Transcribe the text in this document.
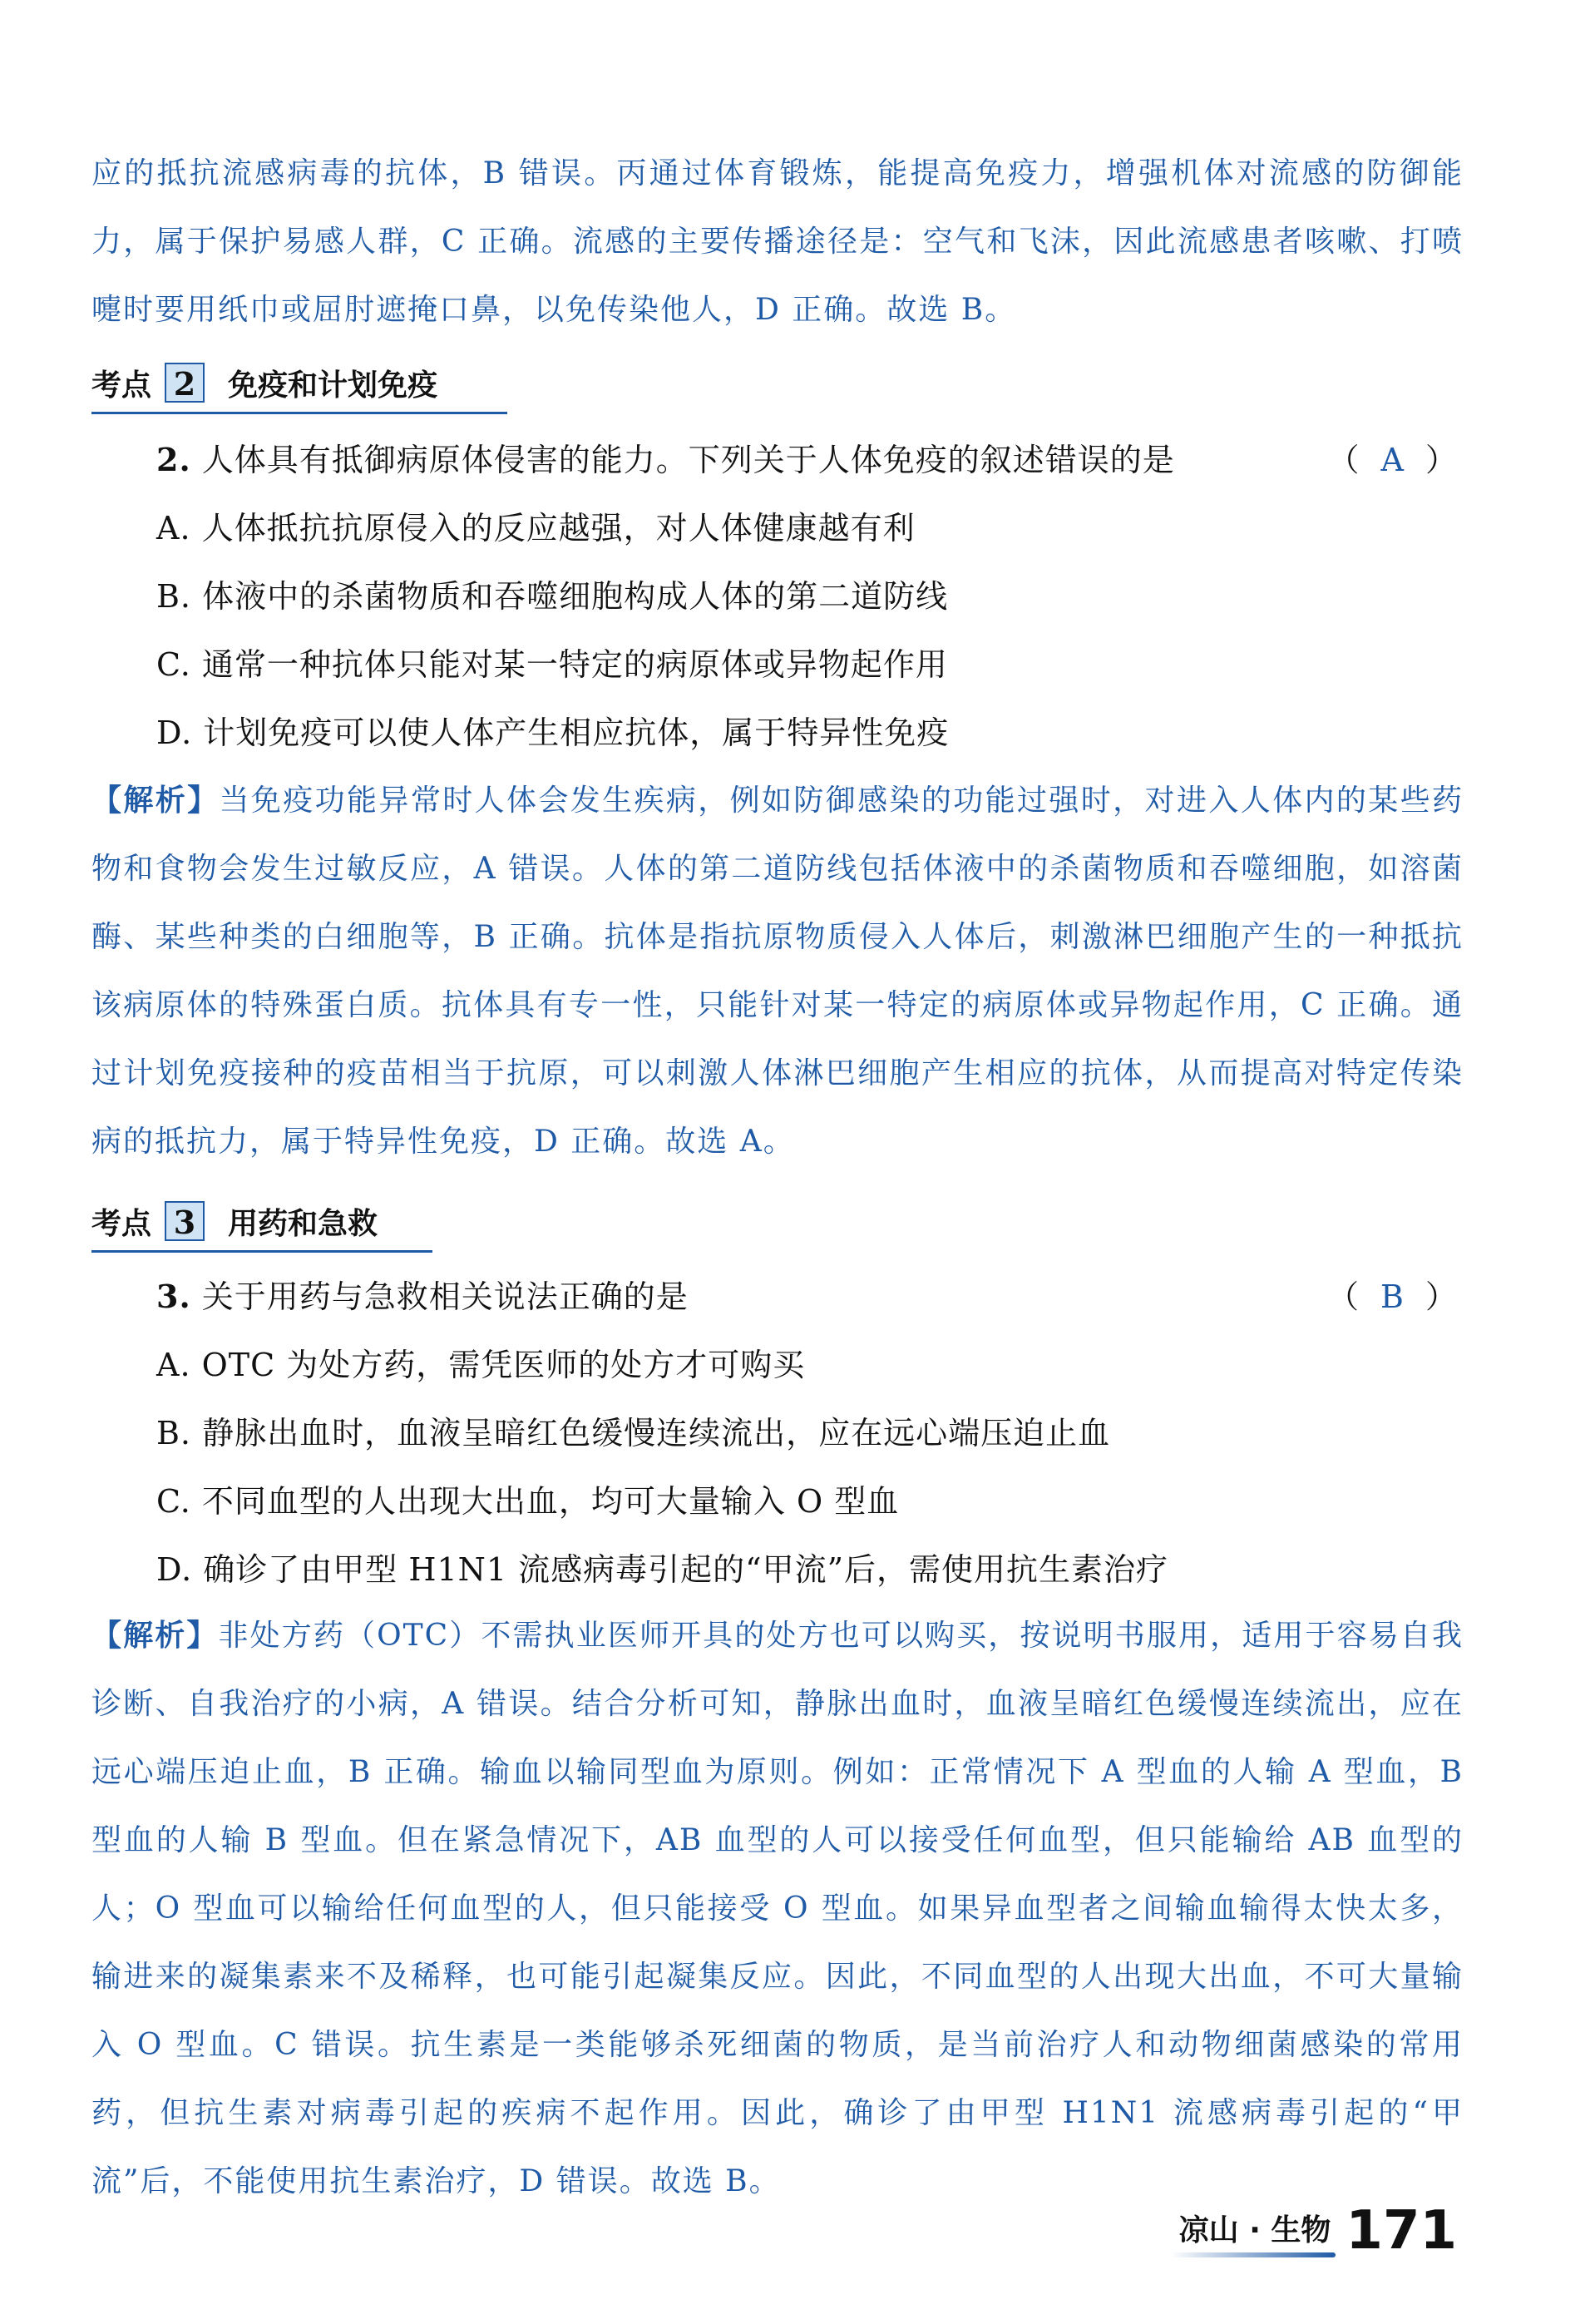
应的抵抗流感病毒的抗体，B 错误。丙通过体育锻炼，能提高免疫力，增强机体对流感的防御能力，属于保护易感人群，C 正确。流感的主要传播途径是：空气和飞沫，因此流感患者咳嗽、打喷嚏时要用纸巾或屈肘遮掩口鼻，以免传染他人，D 正确。故选 B。
考点 2 免疫和计划免疫
2. 人体具有抵御病原体侵害的能力。下列关于人体免疫的叙述错误的是	（ A ）
A. 人体抵抗抗原侵入的反应越强，对人体健康越有利
B. 体液中的杀菌物质和吞噬细胞构成人体的第二道防线
C. 通常一种抗体只能对某一特定的病原体或异物起作用
D. 计划免疫可以使人体产生相应抗体，属于特异性免疫
【解析】当免疫功能异常时人体会发生疾病，例如防御感染的功能过强时，对进入人体内的某些药物和食物会发生过敏反应，A 错误。人体的第二道防线包括体液中的杀菌物质和吞噬细胞，如溶菌酶、某些种类的白细胞等，B 正确。抗体是指抗原物质侵入人体后，刺激淋巴细胞产生的一种抵抗该病原体的特殊蛋白质。抗体具有专一性，只能针对某一特定的病原体或异物起作用，C 正确。通过计划免疫接种的疫苗相当于抗原，可以刺激人体淋巴细胞产生相应的抗体，从而提高对特定传染病的抵抗力，属于特异性免疫，D 正确。故选 A。
考点 3 用药和急救
3. 关于用药与急救相关说法正确的是	（ B ）
A. OTC 为处方药，需凭医师的处方才可购买
B. 静脉出血时，血液呈暗红色缓慢连续流出，应在远心端压迫止血
C. 不同血型的人出现大出血，均可大量输入 O 型血
D. 确诊了由甲型 H1N1 流感病毒引起的“甲流”后，需使用抗生素治疗
【解析】非处方药（OTC）不需执业医师开具的处方也可以购买，按说明书服用，适用于容易自我诊断、自我治疗的小病，A 错误。结合分析可知，静脉出血时，血液呈暗红色缓慢连续流出，应在远心端压迫止血，B 正确。输血以输同型血为原则。例如：正常情况下 A 型血的人输 A 型血，B 型血的人输 B 型血。但在紧急情况下，AB 血型的人可以接受任何血型，但只能输给 AB 血型的人；O 型血可以输给任何血型的人，但只能接受 O 型血。如果异血型者之间输血输得太快太多，输进来的凝集素来不及稀释，也可能引起凝集反应。因此，不同血型的人出现大出血，不可大量输入 O 型血。C 错误。抗生素是一类能够杀死细菌的物质，是当前治疗人和动物细菌感染的常用药，但抗生素对病毒引起的疾病不起作用。因此，确诊了由甲型 H1N1 流感病毒引起的“甲流”后，不能使用抗生素治疗，D 错误。故选 B。
凉山 · 生物 171
